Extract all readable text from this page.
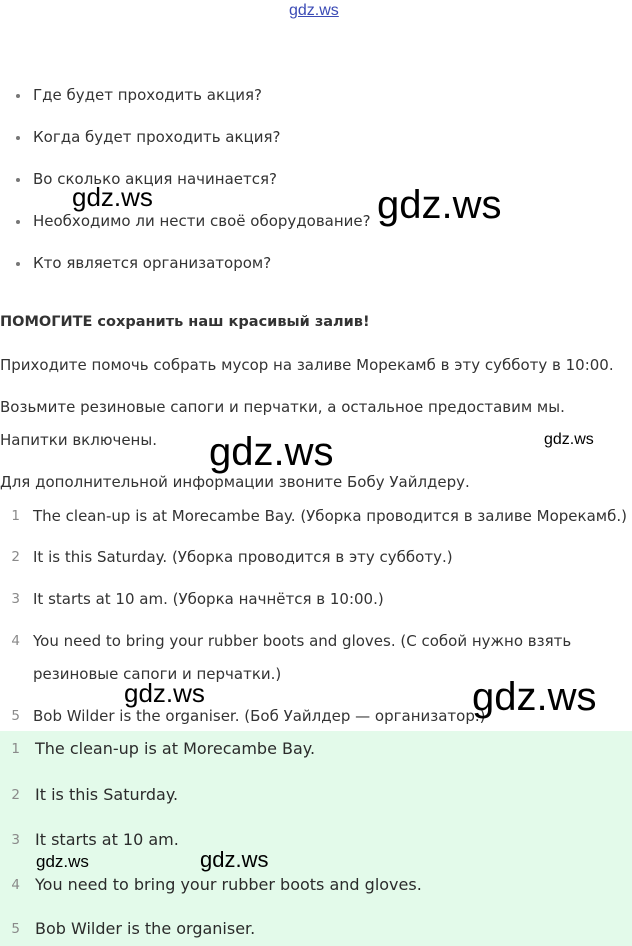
Где будет проходить акция?
Когда будет проходить акция?
Во сколько акция начинается?
Необходимо ли нести своё оборудование?
Кто является организатором?
ПОМОГИТЕ сохранить наш красивый залив!
Приходите помочь собрать мусор на заливе Морекамб в эту субботу в 10:00.
Возьмите резиновые сапоги и перчатки, а остальное предоставим мы.
Напитки включены.
Для дополнительной информации звоните Бобу Уайлдеру.
1 The clean-up is at Morecambe Bay. (Уборка проводится в заливе Морекамб.)
2 It is this Saturday. (Уборка проводится в эту субботу.)
3 It starts at 10 am. (Уборка начнётся в 10:00.)
4 You need to bring your rubber boots and gloves. (С собой нужно взять
резиновые сапоги и перчатки.)
5 Bob Wilder is the organiser. (Боб Уайлдер — организатор.)
1 The clean-up is at Morecambe Bay.
2 It is this Saturday.
3 It starts at 10 am.
4 You need to bring your rubber boots and gloves.
5 Bob Wilder is the organiser.
gdz.ws
gdz.ws	gdz.ws
gdz.ws	gdz.ws
gdz.ws	gdz.ws
gdz.ws	gdz.ws
